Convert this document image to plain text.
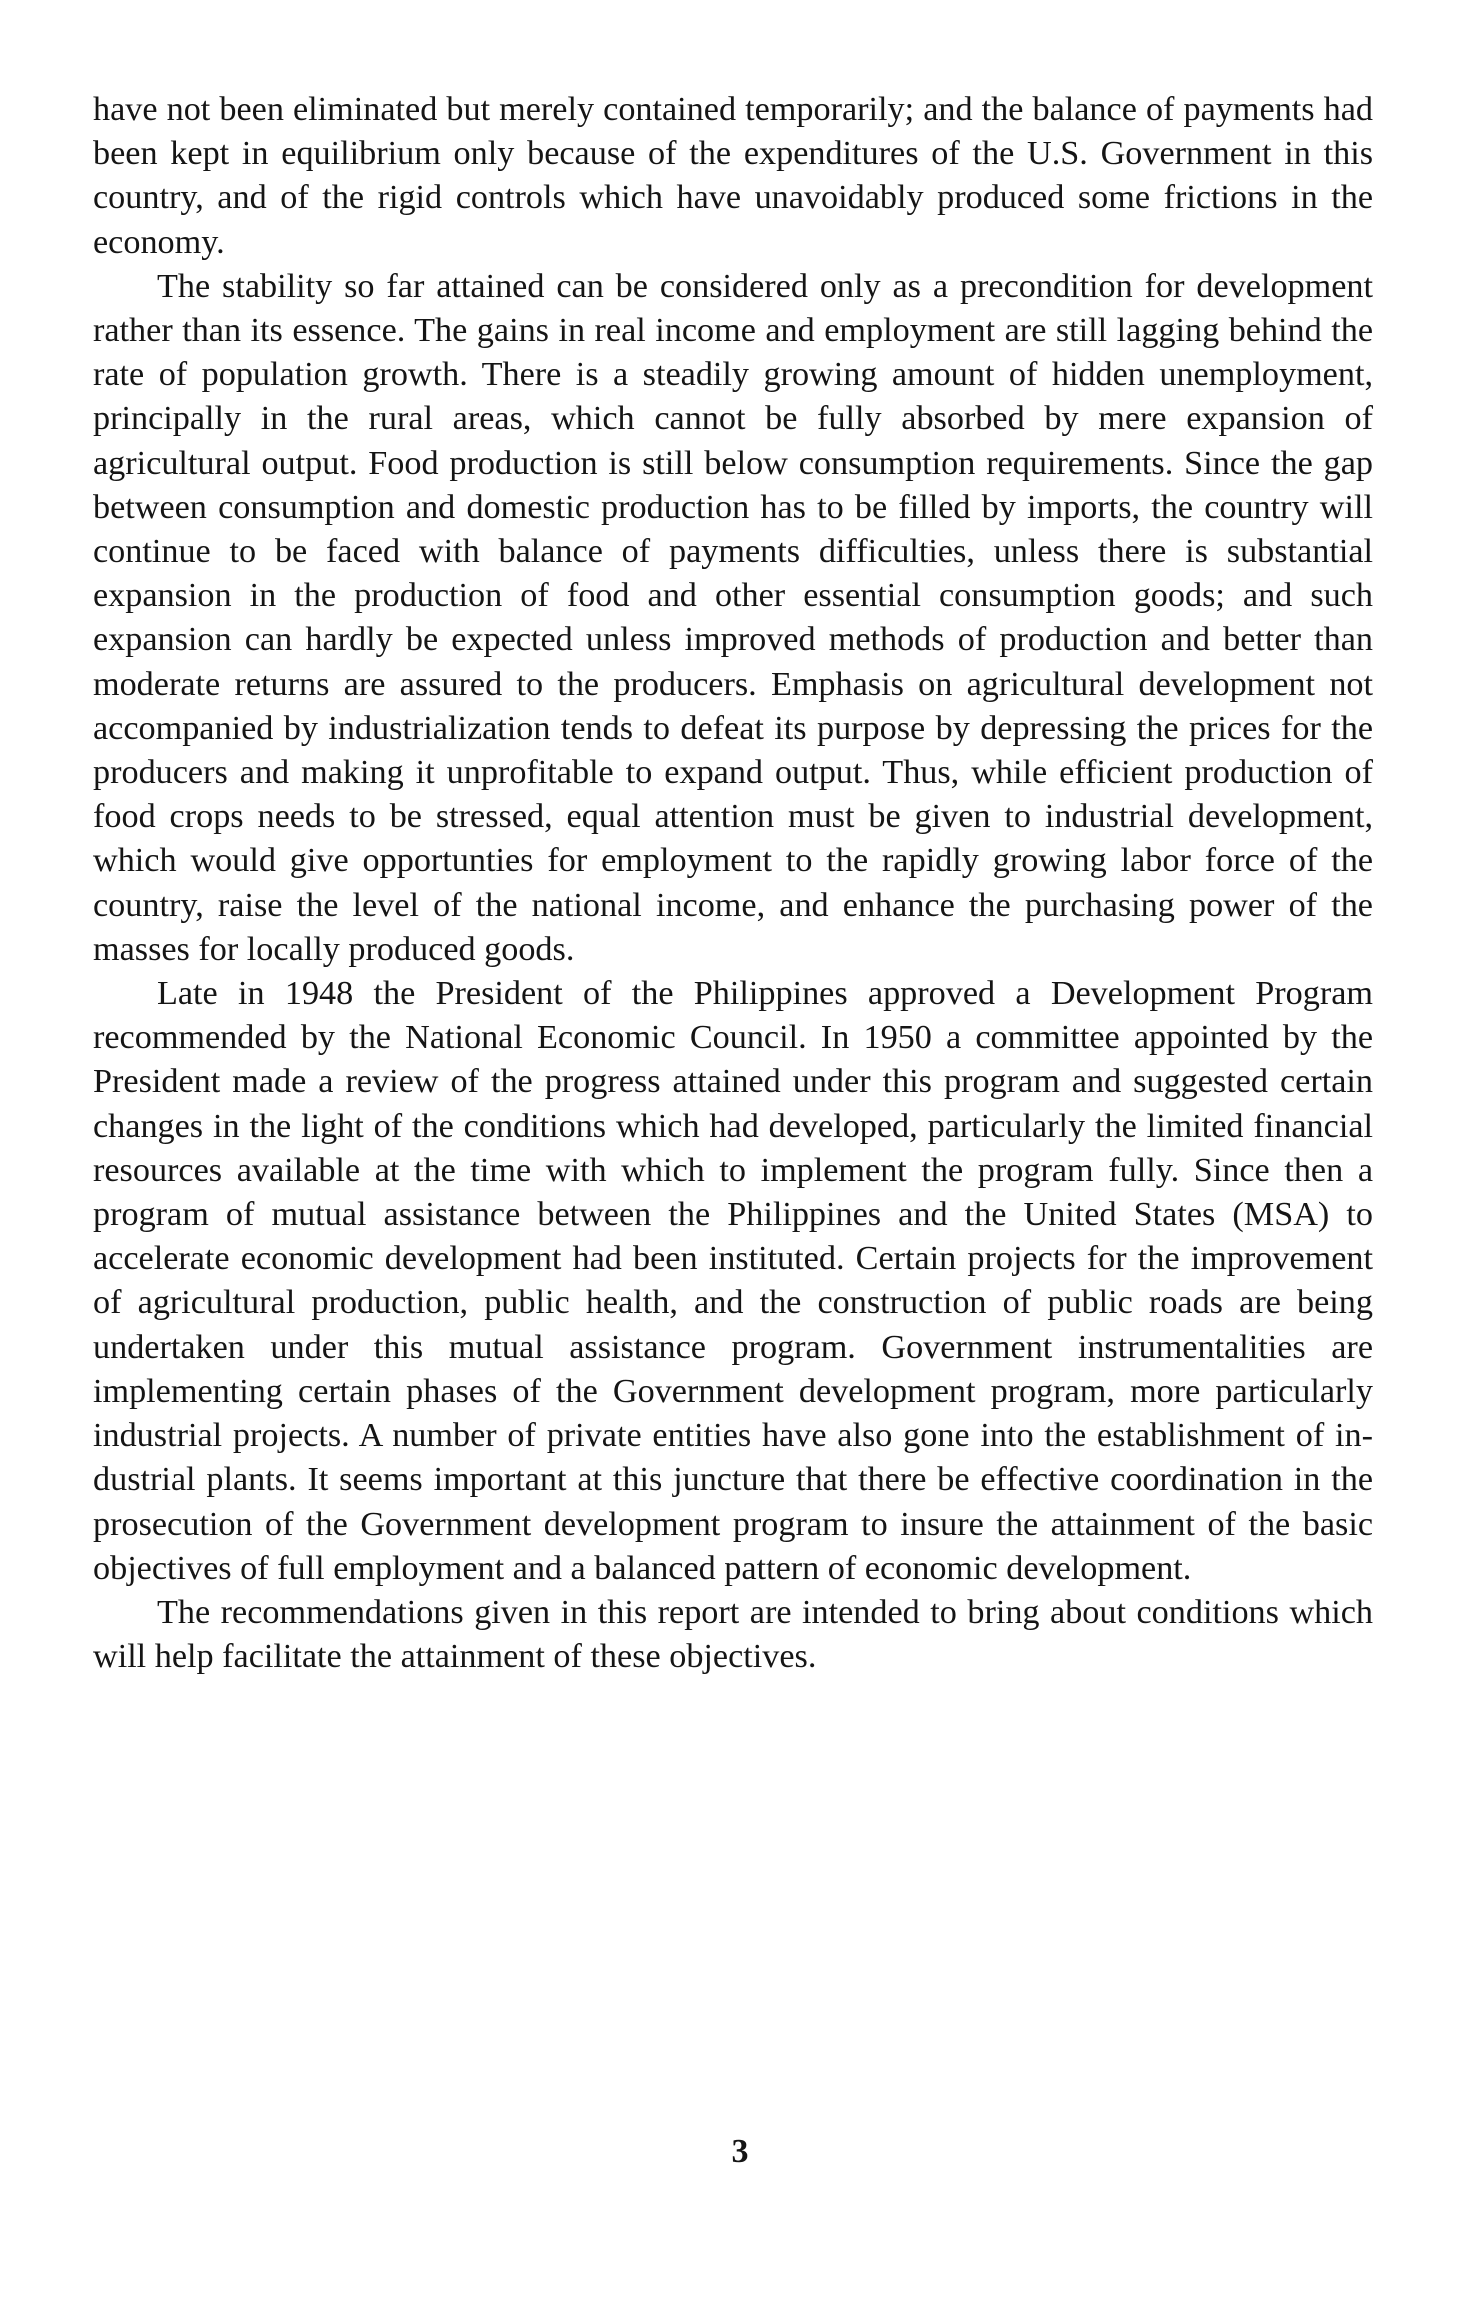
have not been eliminated but merely contained temporarily; and the balance of payments had been kept in equilibrium only because of the expenditures of the U.S. Government in this country, and of the rigid controls which have unavoidably produced some frictions in the economy.

The stability so far attained can be considered only as a precondition for development rather than its essence. The gains in real income and employment are still lagging behind the rate of population growth. There is a steadily growing amount of hidden unemployment, principally in the rural areas, which cannot be fully absorbed by mere expansion of agricultural output. Food production is still below consumption requirements. Since the gap between consumption and domestic production has to be filled by imports, the country will continue to be faced with balance of payments difficulties, unless there is substantial expansion in the production of food and other essential consumption goods; and such expansion can hardly be expected unless improved methods of production and better than moderate returns are assured to the producers. Emphasis on agricultural development not accompanied by industrialization tends to defeat its purpose by depressing the prices for the producers and making it unprofitable to expand output. Thus, while efficient production of food crops needs to be stressed, equal attention must be given to industrial development, which would give opportunties for employment to the rapidly growing labor force of the country, raise the level of the national income, and enhance the purchasing power of the masses for locally produced goods.

Late in 1948 the President of the Philippines approved a Development Program recommended by the National Economic Council. In 1950 a committee appointed by the President made a review of the progress attained under this program and suggested certain changes in the light of the conditions which had developed, particularly the limited financial resources available at the time with which to implement the program fully. Since then a program of mutual assistance between the Philippines and the United States (MSA) to accelerate economic development had been instituted. Certain projects for the improvement of agricultural production, public health, and the construction of public roads are being undertaken under this mutual assistance program. Government instrumentalities are implementing certain phases of the Government development program, more particularly industrial projects. A number of private entities have also gone into the establishment of industrial plants. It seems important at this juncture that there be effective coordination in the prosecution of the Government development program to insure the attainment of the basic objectives of full employment and a balanced pattern of economic development.

The recommendations given in this report are intended to bring about conditions which will help facilitate the attainment of these objectives.

3
